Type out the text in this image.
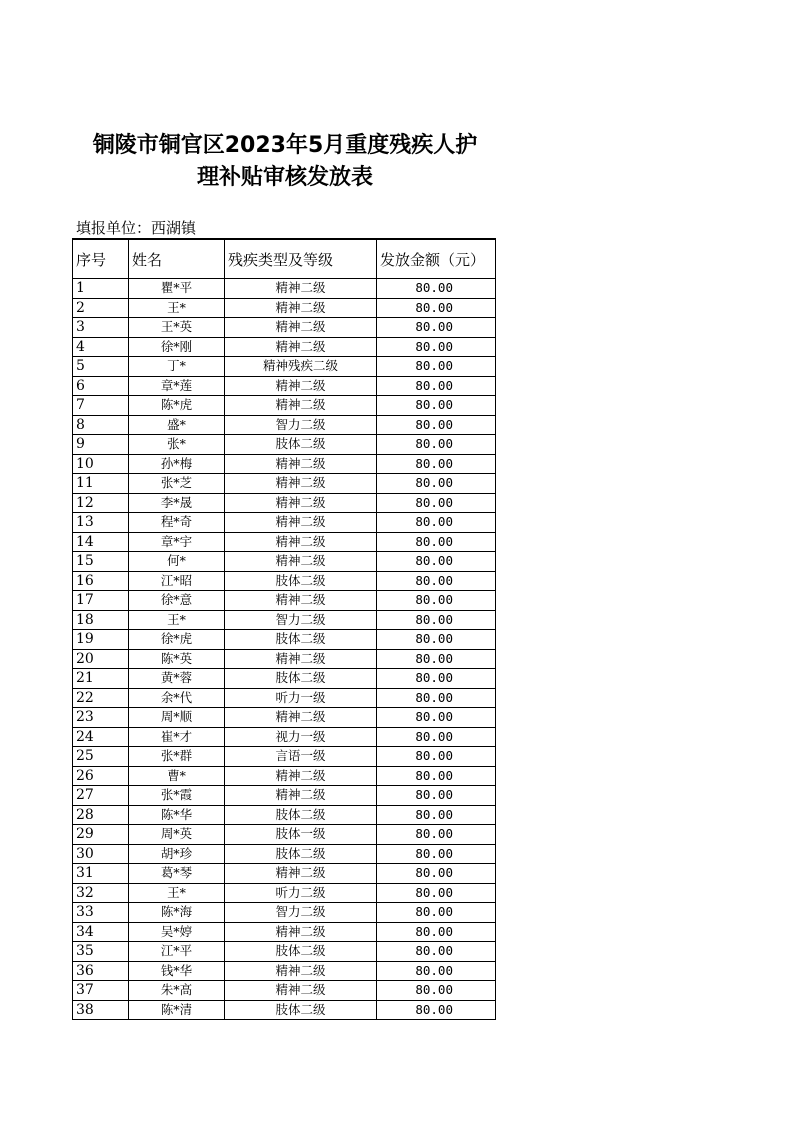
铜陵市铜官区2023年5月重度残疾人护
理补贴审核发放表
填报单位：西湖镇
序号	姓名	残疾类型及等级	发放金额（元）
1	瞿*平	精神二级	80.00
2	王*	精神二级	80.00
3	王*英	精神二级	80.00
4	徐*刚	精神二级	80.00
5	丁*	精神残疾二级	80.00
6	章*莲	精神二级	80.00
7	陈*虎	精神二级	80.00
8	盛*	智力二级	80.00
9	张*	肢体二级	80.00
10	孙*梅	精神二级	80.00
11	张*芝	精神二级	80.00
12	李*晟	精神二级	80.00
13	程*奇	精神二级	80.00
14	章*宇	精神二级	80.00
15	何*	精神二级	80.00
16	江*昭	肢体二级	80.00
17	徐*意	精神二级	80.00
18	王*	智力二级	80.00
19	徐*虎	肢体二级	80.00
20	陈*英	精神二级	80.00
21	黄*蓉	肢体二级	80.00
22	余*代	听力一级	80.00
23	周*顺	精神二级	80.00
24	崔*才	视力一级	80.00
25	张*群	言语一级	80.00
26	曹*	精神二级	80.00
27	张*霞	精神二级	80.00
28	陈*华	肢体二级	80.00
29	周*英	肢体一级	80.00
30	胡*珍	肢体二级	80.00
31	葛*琴	精神二级	80.00
32	王*	听力二级	80.00
33	陈*海	智力二级	80.00
34	吴*婷	精神二级	80.00
35	江*平	肢体二级	80.00
36	钱*华	精神二级	80.00
37	朱*高	精神二级	80.00
38	陈*清	肢体二级	80.00
